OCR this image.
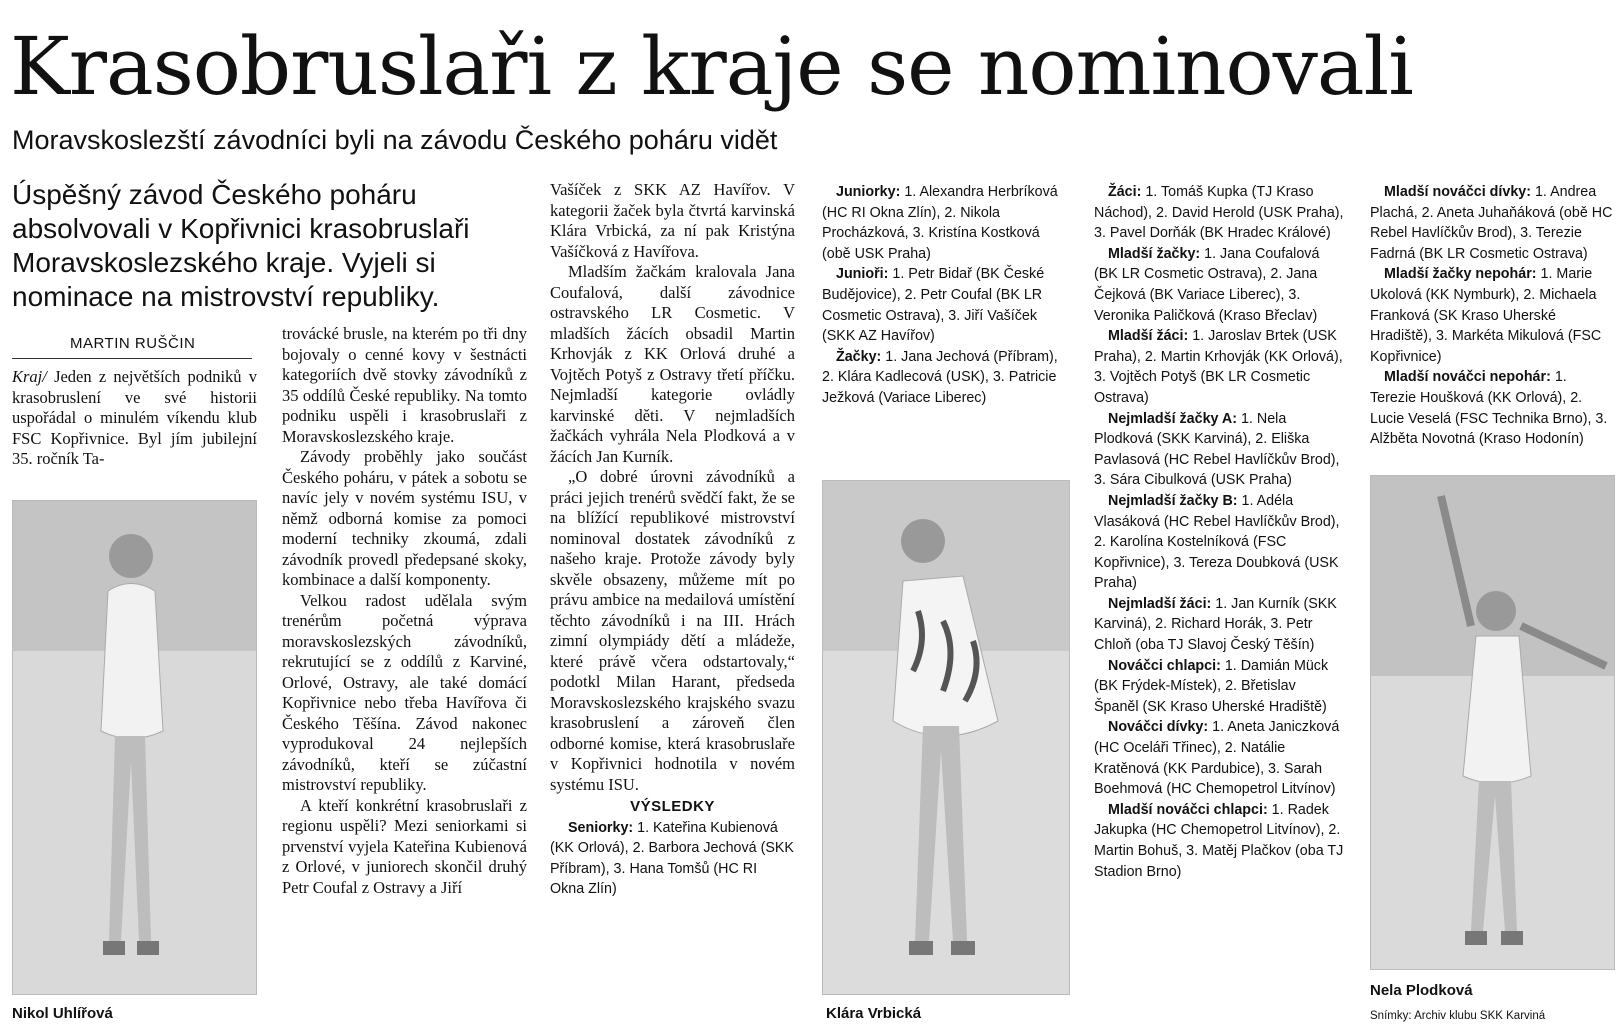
Krasobruslaři z kraje se nominovali
Moravskoslezští závodníci byli na závodu Českého poháru vidět

Úspěšný závod Českého poháru absolvovali v Kopřivnici krasobruslaři Moravskoslezského kraje. Vyjeli si nominace na mistrovství republiky.

MARTIN RUŠČIN

Kraj/ Jeden z největších podniků v krasobruslení ve své historii uspořádal o minulém víkendu klub FSC Kopřivnice. Byl jím jubilejní 35. ročník Ta-

Nikol Uhlířová

trovácké brusle, na kterém po tři dny bojovaly o cenné kovy v šestnácti kategoriích dvě stovky závodníků z 35 oddílů České republiky. Na tomto podniku uspěli i krasobruslaři z Moravskoslezského kraje.

Závody proběhly jako součást Českého poháru, v pátek a sobotu se navíc jely v novém systému ISU, v němž odborná komise za pomoci moderní techniky zkoumá, zdali závodník provedl předepsané skoky, kombinace a další komponenty.

Velkou radost udělala svým trenérům početná výprava moravskoslezských závodníků, rekrutující se z oddílů z Karviné, Orlové, Ostravy, ale také domácí Kopřivnice nebo třeba Havířova či Českého Těšína. Závod nakonec vyprodukoval 24 nejlepších závodníků, kteří se zúčastní mistrovství republiky.

A kteří konkrétní krasobruslaři z regionu uspěli? Mezi seniorkami si prvenství vyjela Kateřina Kubienová z Orlové, v juniorech skončil druhý Petr Coufal z Ostravy a Jiří

Vašíček z SKK AZ Havířov. V kategorii žaček byla čtvrtá karvinská Klára Vrbická, za ní pak Kristýna Vašíčková z Havířova.

Mladším žačkám kralovala Jana Coufalová, další závodnice ostravského LR Cosmetic. V mladších žácích obsadil Martin Krhovják z KK Orlová druhé a Vojtěch Potyš z Ostravy třetí příčku. Nejmladší kategorie ovládly karvinské děti. V nejmladších žačkách vyhrála Nela Plodková a v žácích Jan Kurník.

„O dobré úrovni závodníků a práci jejich trenérů svědčí fakt, že se na blížící republikové mistrovství nominoval dostatek závodníků z našeho kraje. Protože závody byly skvěle obsazeny, můžeme mít po právu ambice na medailová umístění těchto závodníků i na III. Hrách zimní olympiády dětí a mládeže, které právě včera odstartovaly,“ podotkl Milan Harant, předseda Moravskoslezského krajského svazu krasobruslení a zároveň člen odborné komise, která krasobruslaře v Kopřivnici hodnotila v novém systému ISU.

VÝSLEDKY

Seniorky: 1. Kateřina Kubienová (KK Orlová), 2. Barbora Jechová (SKK Příbram), 3. Hana Tomšů (HC RI Okna Zlín)

Juniorky: 1. Alexandra Herbríková (HC RI Okna Zlín), 2. Nikola Procházková, 3. Kristína Kostková (obě USK Praha)

Junioři: 1. Petr Bidař (BK České Budějovice), 2. Petr Coufal (BK LR Cosmetic Ostrava), 3. Jiří Vašíček (SKK AZ Havířov)

Žačky: 1. Jana Jechová (Příbram), 2. Klára Kadlecová (USK), 3. Patricie Ježková (Variace Liberec)

Klára Vrbická

Žáci: 1. Tomáš Kupka (TJ Kraso Náchod), 2. David Herold (USK Praha), 3. Pavel Dorňák (BK Hradec Králové)

Mladší žačky: 1. Jana Coufalová (BK LR Cosmetic Ostrava), 2. Jana Čejková (BK Variace Liberec), 3. Veronika Paličková (Kraso Břeclav)

Mladší žáci: 1. Jaroslav Brtek (USK Praha), 2. Martin Krhovják (KK Orlová), 3. Vojtěch Potyš (BK LR Cosmetic Ostrava)

Nejmladší žačky A: 1. Nela Plodková (SKK Karviná), 2. Eliška Pavlasová (HC Rebel Havlíčkův Brod), 3. Sára Cibulková (USK Praha)

Nejmladší žačky B: 1. Adéla Vlasáková (HC Rebel Havlíčkův Brod), 2. Karolína Kostelníková (FSC Kopřivnice), 3. Tereza Doubková (USK Praha)

Nejmladší žáci: 1. Jan Kurník (SKK Karviná), 2. Richard Horák, 3. Petr Chloň (oba TJ Slavoj Český Těšín)

Nováčci chlapci: 1. Damián Mück (BK Frýdek-Místek), 2. Břetislav Španěl (SK Kraso Uherské Hradiště)

Nováčci dívky: 1. Aneta Janiczková (HC Oceláři Třinec), 2. Natálie Kratěnová (KK Pardubice), 3. Sarah Boehmová (HC Chemopetrol Litvínov)

Mladší nováčci chlapci: 1. Radek Jakupka (HC Chemopetrol Litvínov), 2. Martin Bohuš, 3. Matěj Plačkov (oba TJ Stadion Brno)

Mladší nováčci dívky: 1. Andrea Plachá, 2. Aneta Juhaňáková (obě HC Rebel Havlíčkův Brod), 3. Terezie Fadrná (BK LR Cosmetic Ostrava)

Mladší žačky nepohár: 1. Marie Ukolová (KK Nymburk), 2. Michaela Franková (SK Kraso Uherské Hradiště), 3. Markéta Mikulová (FSC Kopřivnice)

Mladší nováčci nepohár: 1. Terezie Houšková (KK Orlová), 2. Lucie Veselá (FSC Technika Brno), 3. Alžběta Novotná (Kraso Hodonín)

Nela Plodková
Snímky: Archiv klubu SKK Karviná
